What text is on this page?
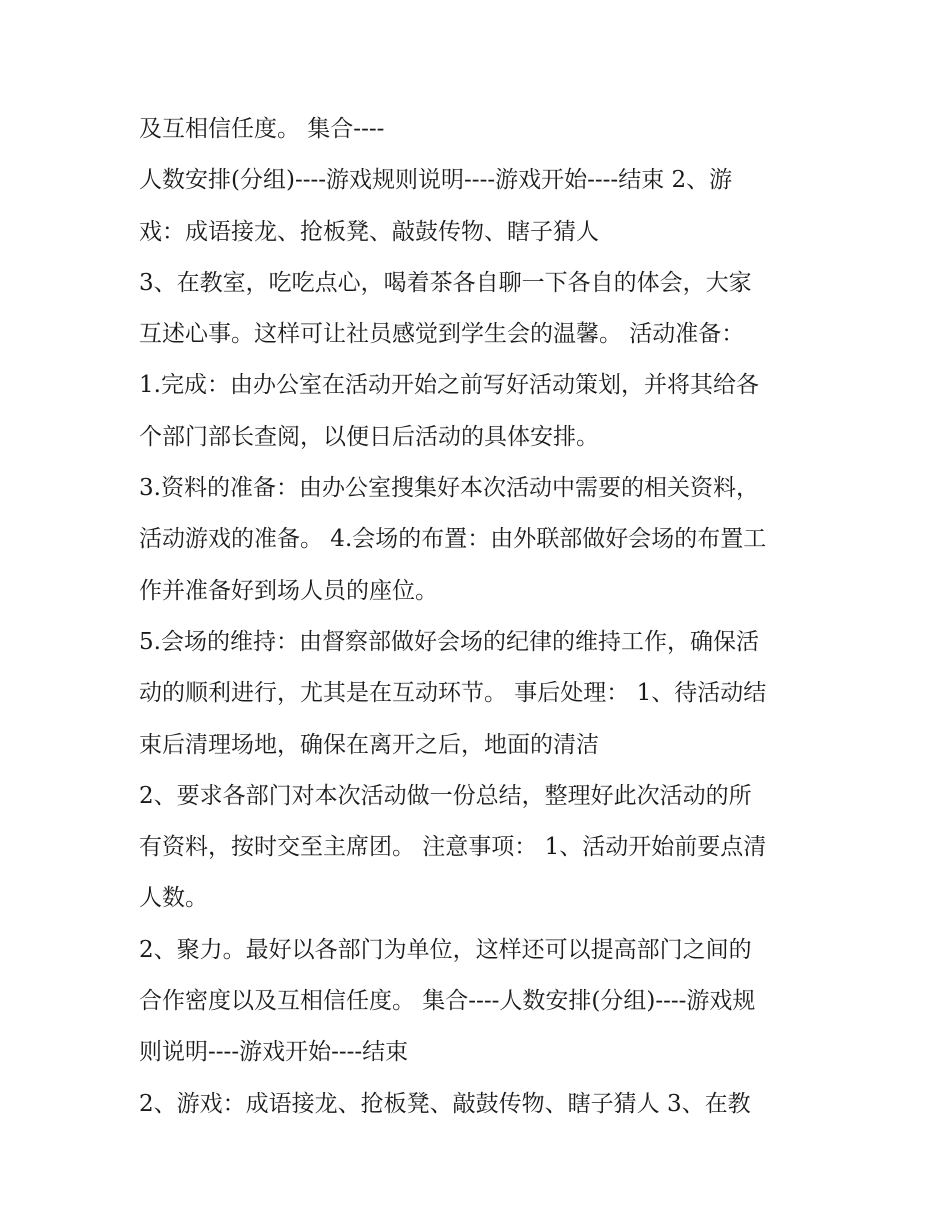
及互相信任度。 集合----

人数安排(分组)----游戏规则说明----游戏开始----结束 2、游

戏：成语接龙、抢板凳、敲鼓传物、瞎子猜人

3、在教室，吃吃点心，喝着茶各自聊一下各自的体会，大家

互述心事。这样可让社员感觉到学生会的温馨。 活动准备：

1.完成：由办公室在活动开始之前写好活动策划，并将其给各

个部门部长查阅，以便日后活动的具体安排。

3.资料的准备：由办公室搜集好本次活动中需要的相关资料，

活动游戏的准备。 4.会场的布置：由外联部做好会场的布置工

作并准备好到场人员的座位。

5.会场的维持：由督察部做好会场的纪律的维持工作，确保活

动的顺利进行，尤其是在互动环节。 事后处理： 1、待活动结

束后清理场地，确保在离开之后，地面的清洁

2、要求各部门对本次活动做一份总结，整理好此次活动的所

有资料，按时交至主席团。 注意事项： 1、活动开始前要点清

人数。

2、聚力。最好以各部门为单位，这样还可以提高部门之间的

合作密度以及互相信任度。 集合----人数安排(分组)----游戏规

则说明----游戏开始----结束

2、游戏：成语接龙、抢板凳、敲鼓传物、瞎子猜人 3、在教
